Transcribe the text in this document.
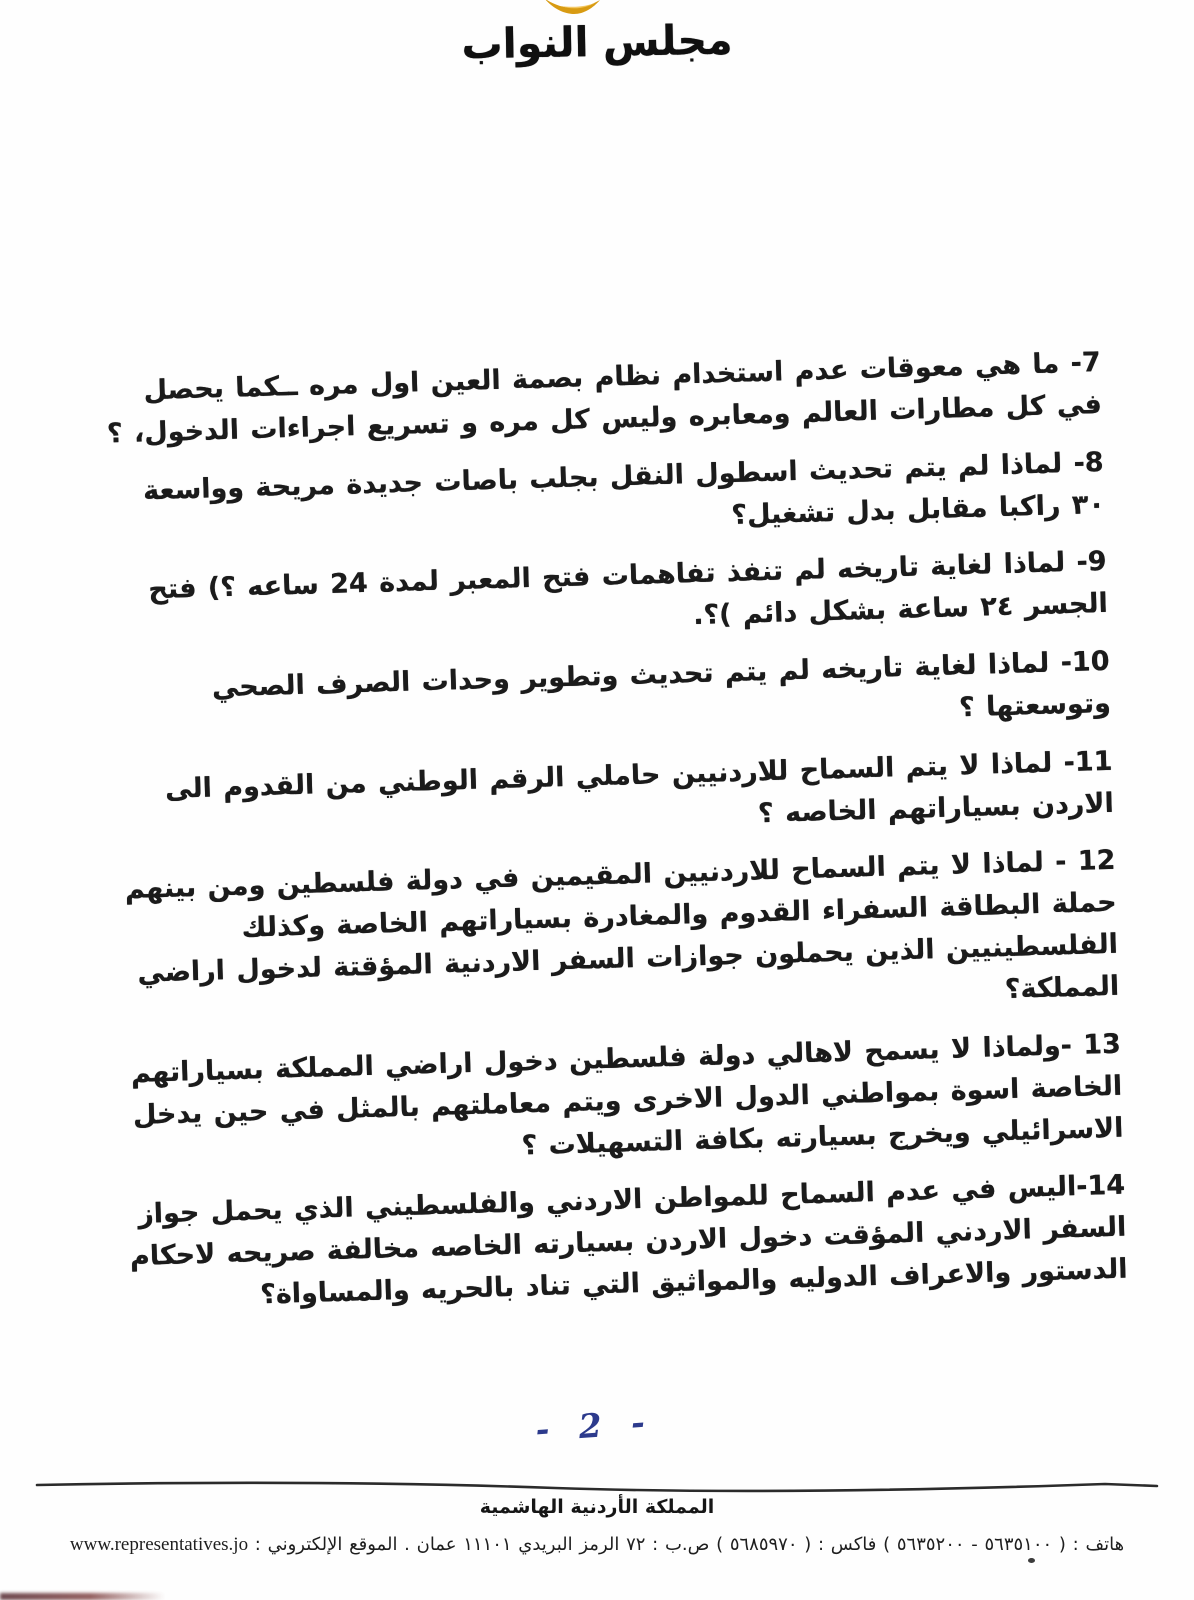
مجلس النواب

7- ما هي معوقات عدم استخدام نظام بصمة العين اول مره ــكما يحصل في كل مطارات العالم ومعابره وليس كل مره و تسريع اجراءات الدخول، ؟

8- لماذا لم يتم تحديث اسطول النقل بجلب باصات جديدة مريحة وواسعة ٣٠ راكبا مقابل بدل تشغيل؟

9- لماذا لغاية تاريخه لم تنفذ تفاهمات فتح المعبر لمدة 24 ساعه ؟) فتح الجسر ٢٤ ساعة بشكل دائم )؟.

10- لماذا لغاية تاريخه لم يتم تحديث وتطوير وحدات الصرف الصحي وتوسعتها ؟

11- لماذا لا يتم السماح للاردنيين حاملي الرقم الوطني من القدوم الى الاردن بسياراتهم الخاصه ؟

12 - لماذا لا يتم السماح للاردنيين المقيمين في دولة فلسطين ومن بينهم حملة البطاقة السفراء القدوم والمغادرة بسياراتهم الخاصة وكذلك الفلسطينيين الذين يحملون جوازات السفر الاردنية المؤقتة لدخول اراضي المملكة؟

13 -ولماذا لا يسمح لاهالي دولة فلسطين دخول اراضي المملكة بسياراتهم الخاصة اسوة بمواطني الدول الاخرى ويتم معاملتهم بالمثل في حين يدخل الاسرائيلي ويخرج بسيارته بكافة التسهيلات ؟

14-اليس في عدم السماح للمواطن الاردني والفلسطيني الذي يحمل جواز السفر الاردني المؤقت دخول الاردن بسيارته الخاصه مخالفة صريحه لاحكام الدستور والاعراف الدوليه والمواثيق التي تناد بالحريه والمساواة؟

- 2 -
المملكة الأردنية الهاشمية
هاتف : ( ٥٦٣٥١٠٠ - ٥٦٣٥٢٠٠ ) فاكس : ( ٥٦٨٥٩٧٠ ) ص.ب : ٧٢ الرمز البريدي ١١١٠١ عمان . الموقع الإلكتروني : www.representatives.jo
